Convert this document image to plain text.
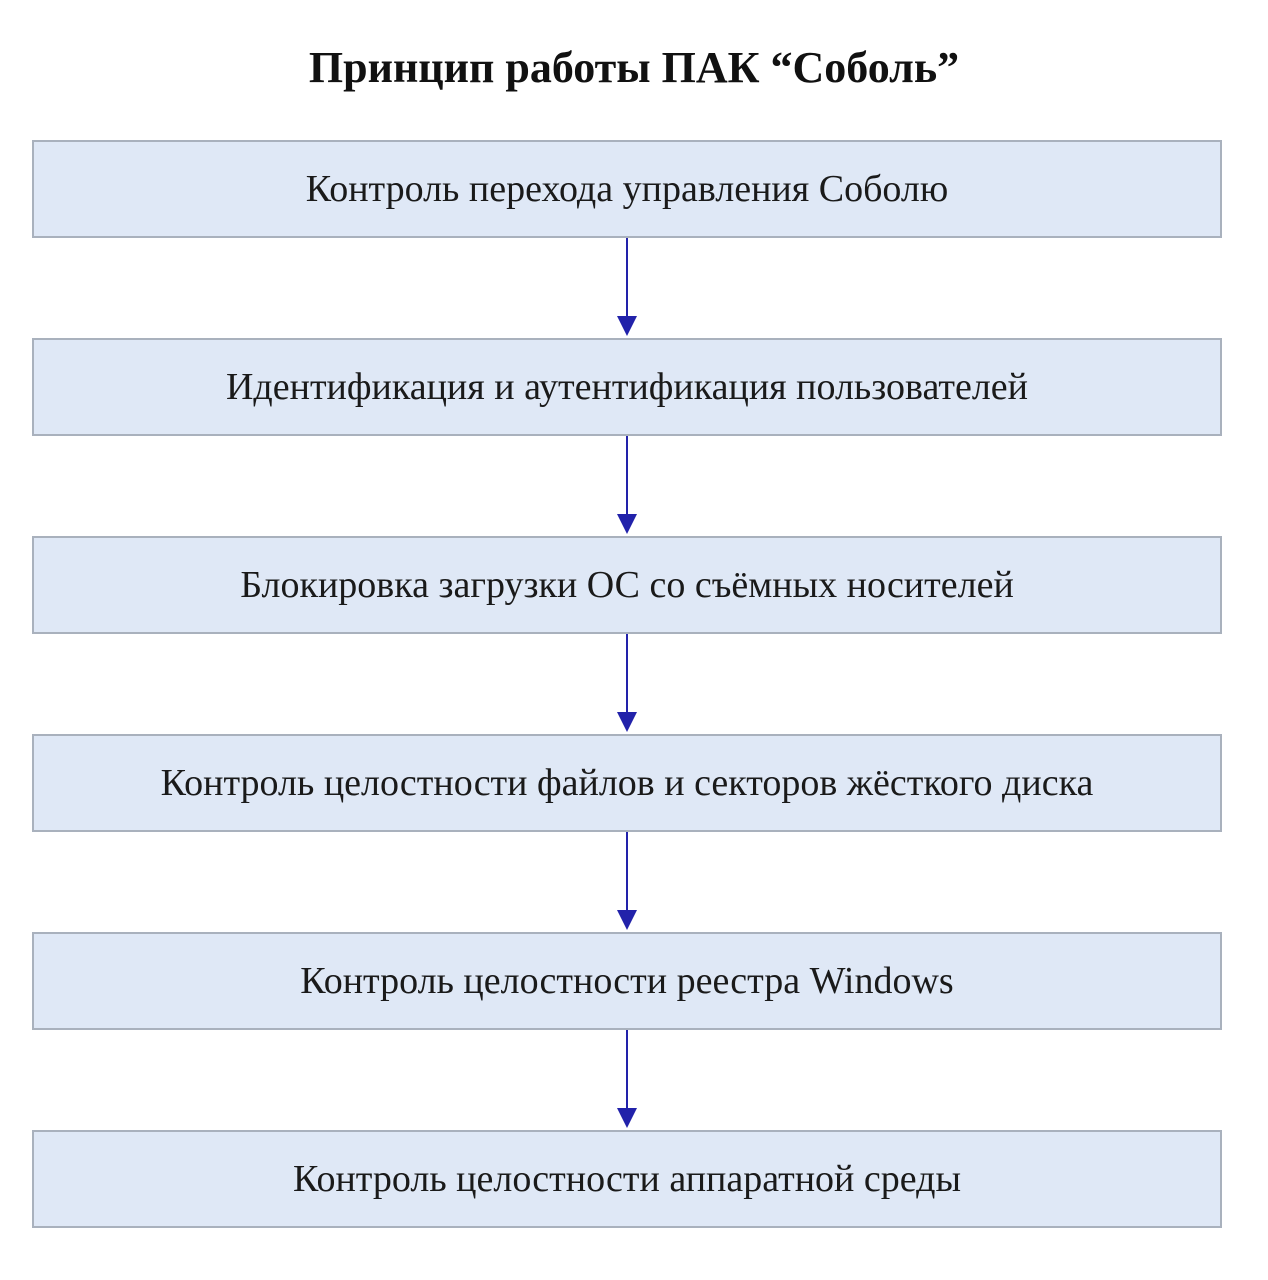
Принцип работы ПАК “Соболь”
Контроль перехода управления Соболю
Идентификация и аутентификация пользователей
Блокировка загрузки ОС со съёмных носителей
Контроль целостности файлов и секторов жёсткого диска
Контроль целостности реестра Windows
Контроль целостности аппаратной среды
